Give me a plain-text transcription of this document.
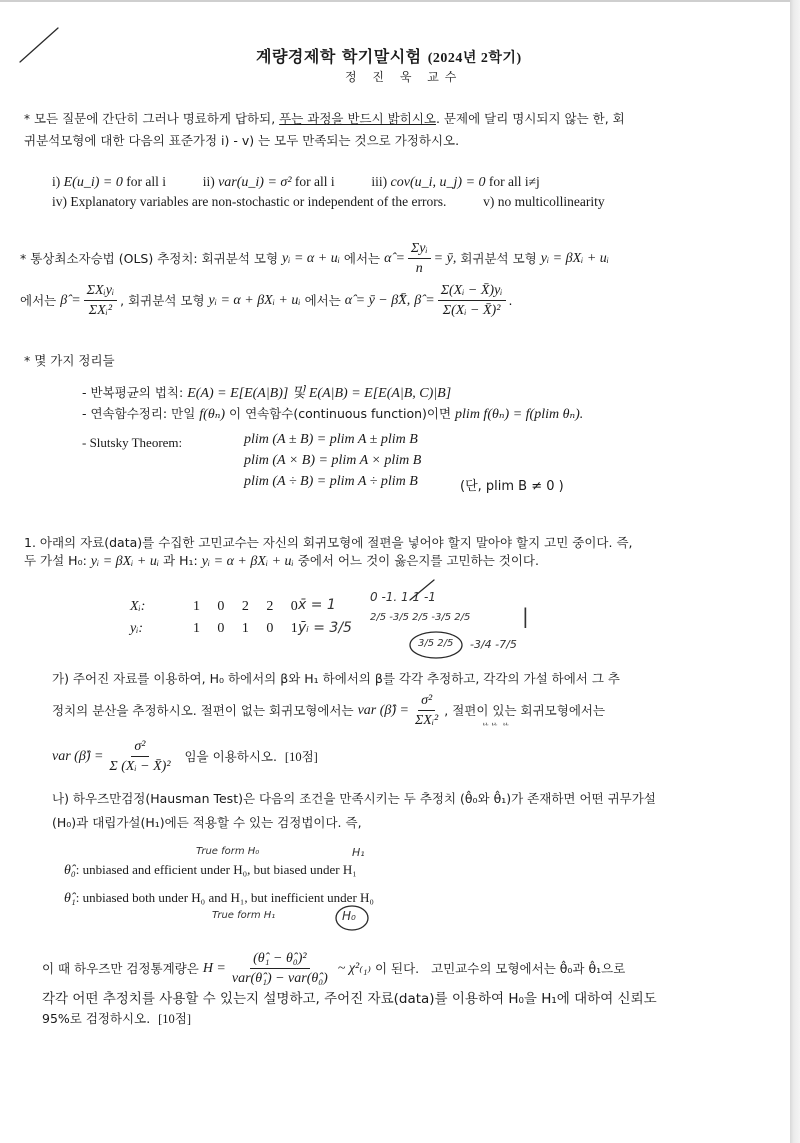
계량경제학 학기말시험 (2024년 2학기)
정 진 욱 교수
* 모든 질문에 간단히 그러나 명료하게 답하되, 푸는 과정을 반드시 밝히시오. 문제에 달리 명시되지 않는 한, 회
귀분석모형에 대한 다음의 표준가정 i) - v) 는 모두 만족되는 것으로 가정하시오.
i) E(u_i) = 0 for all i	ii) var(u_i) = σ² for all i	iii) cov(u_i, u_j) = 0 for all i≠j
iv) Explanatory variables are non-stochastic or independent of the errors.	v) no multicollinearity
*
통상최소자승법 (OLS) 추정치: 회귀분석 모형
yᵢ = α + uᵢ
에서는
α̂
= $\frac{\text{Σyᵢ}}{n}$ = ȳ,
회귀분석 모형
yᵢ = βXᵢ + uᵢ
에서는
β̂
= $\frac{\text{ΣXᵢyᵢ}}{\text{ΣXᵢ²}}$ , 회귀분석 모형
yᵢ = α + βXᵢ + uᵢ
에서는
α̂ = ȳ − β̂X̄,
β̂
= $\frac{\text{Σ(Xᵢ − X̄)yᵢ}}{\text{Σ(Xᵢ − X̄)²}}$ .
* 몇 가지 정리들
- 반복평균의 법칙: E(A) = E[E(A|B)] 및 E(A|B) = E[E(A|B, C)|B]
- 연속함수정리: 만일 f(θₙ) 이 연속함수(continuous function)이면 plim f(θₙ) = f(plim θₙ).
- Slutsky Theorem:	plim (A ± B) = plim A ± plim B
plim (A × B) = plim A × plim B
plim (A ÷ B) = plim A ÷ plim B	(단, plim B ≠ 0 )
1. 아래의 자료(data)를 수집한 고민교수는 자신의 회귀모형에 절편을 넣어야 할지 말아야 할지 고민 중이다. 즉,
두 가설 H₀: yᵢ = βXᵢ + uᵢ 과 H₁: yᵢ = α + βXᵢ + uᵢ 중에서 어느 것이 옳은지를 고민하는 것이다.
Xᵢ:	1 0 2 2 0
yᵢ:	1 0 1 0 1
x̄ = 1
ȳᵢ = 3/5
0 -1. 1 1 -1
2/5 -3/5 2/5 -3/5 2/5	|
3/5 2/5 -3/4 -7/5
가) 주어진 자료를 이용하여, H₀ 하에서의 β와 H₁ 하에서의 β를 각각 추정하고, 각각의 가설 하에서 그 추
정치의 분산을 추정하시오. 절편이 없는 회귀모형에서는
var (β̂) = $\frac{\text{σ²}}{\text{ΣXᵢ²}}$ , 절편이 있는 회귀모형에서는
ᄔᄔ ᄔ
var (β̂) = $\frac{\text{σ²}}{\text{Σ (Xᵢ − X̄)²}}$
임을 이용하시오.
[10점]
나) 하우즈만검정(Hausman Test)은 다음의 조건을 만족시키는 두 추정치 (θ̂₀와 θ̂₁)가 존재하면 어떤 귀무가설
(H₀)과 대립가설(H₁)에든 적용할 수 있는 검정법이다. 즉,
True form H₀	H₁
θ̂₀: unbiased and efficient under H₀, but biased under H₁
θ̂₁: unbiased both under H₀ and H₁, but inefficient under H₀
True form H₁	H₀
이 때 하우즈만 검정통계량은
$H = \frac{\text{(θ̂₁ − θ̂₀)²}}{\text{var(θ̂₁) − var(θ̂₀)}}$
~ χ²₍₁₎
이 된다.
고민교수의 모형에서는 θ̂₀과 θ̂₁으로
각각 어떤 추정치를 사용할 수 있는지 설명하고, 주어진 자료(data)를 이용하여 H₀을 H₁에 대하여 신뢰도
95%로 검정하시오. [10점]
